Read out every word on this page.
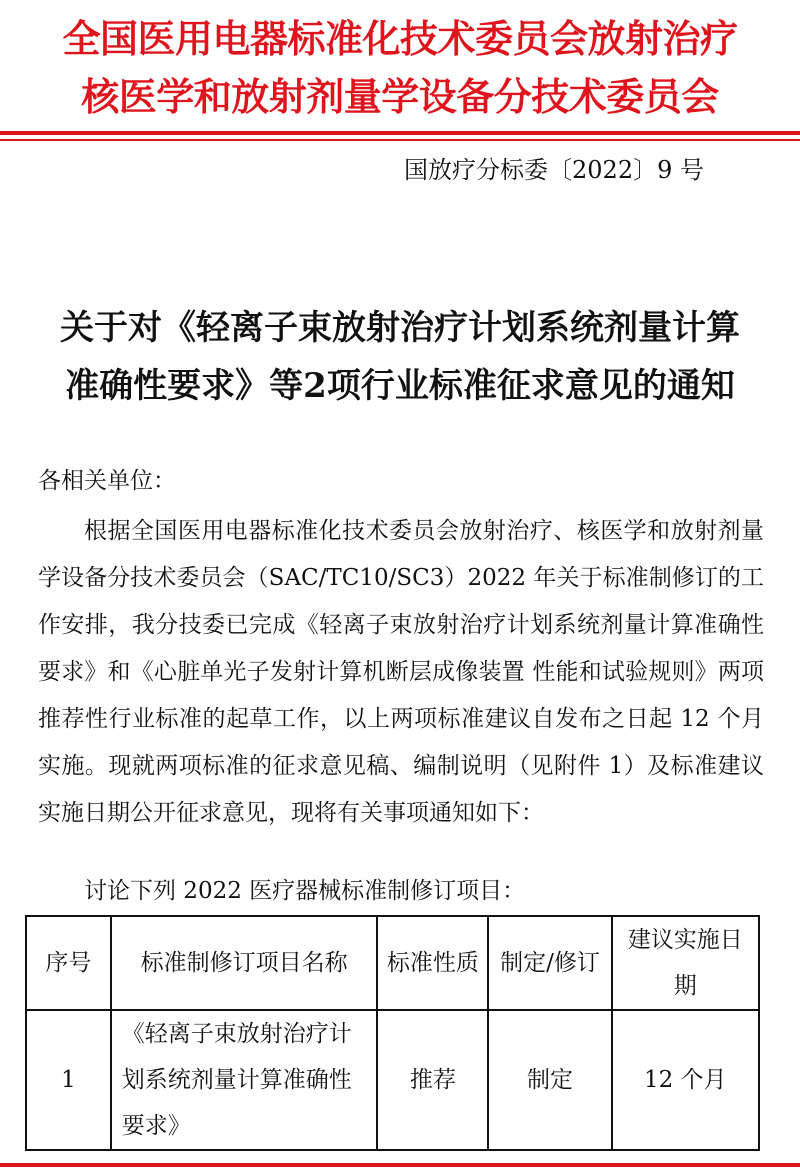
全国医用电器标准化技术委员会放射治疗
核医学和放射剂量学设备分技术委员会
国放疗分标委〔2022〕9 号
关于对《轻离子束放射治疗计划系统剂量计算
准确性要求》等2项行业标准征求意见的通知
各相关单位：

根据全国医用电器标准化技术委员会放射治疗、核医学和放射剂量学设备分技术委员会（SAC/TC10/SC3）2022 年关于标准制修订的工作安排，我分技委已完成《轻离子束放射治疗计划系统剂量计算准确性要求》和《心脏单光子发射计算机断层成像装置 性能和试验规则》两项推荐性行业标准的起草工作，以上两项标准建议自发布之日起 12 个月实施。现就两项标准的征求意见稿、编制说明（见附件 1）及标准建议实施日期公开征求意见，现将有关事项通知如下：

讨论下列 2022 医疗器械标准制修订项目：
序号	标准制修订项目名称	标准性质	制定/修订	建议实施日期
1	《轻离子束放射治疗计划系统剂量计算准确性要求》	推荐	制定	12 个月
